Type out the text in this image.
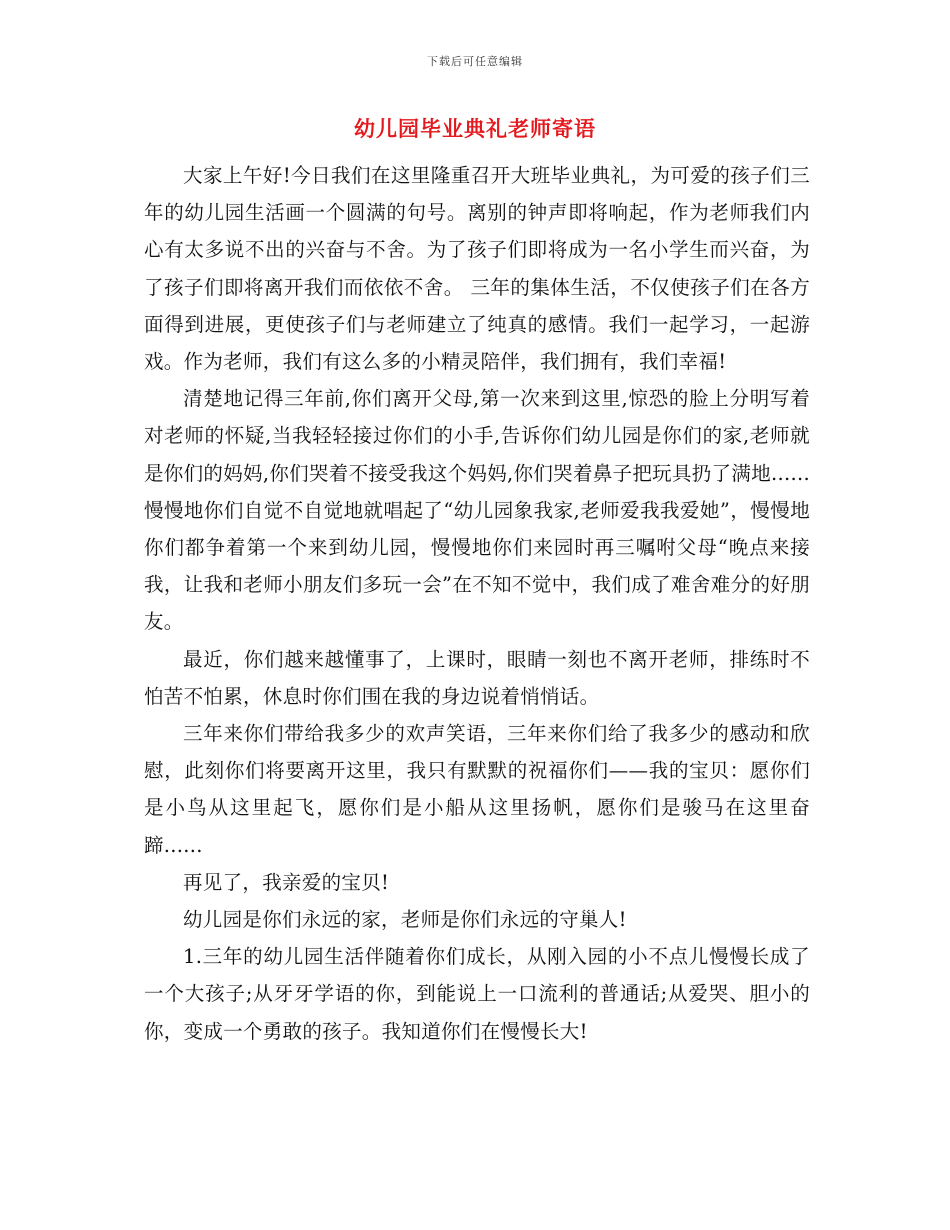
下载后可任意编辑
幼儿园毕业典礼老师寄语

大家上午好!今日我们在这里隆重召开大班毕业典礼，为可爱的孩子们三年的幼儿园生活画一个圆满的句号。离别的钟声即将响起，作为老师我们内心有太多说不出的兴奋与不舍。为了孩子们即将成为一名小学生而兴奋，为了孩子们即将离开我们而依依不舍。 三年的集体生活，不仅使孩子们在各方面得到进展，更使孩子们与老师建立了纯真的感情。我们一起学习，一起游戏。作为老师，我们有这么多的小精灵陪伴，我们拥有，我们幸福!

清楚地记得三年前,你们离开父母,第一次来到这里,惊恐的脸上分明写着对老师的怀疑,当我轻轻接过你们的小手,告诉你们幼儿园是你们的家,老师就是你们的妈妈,你们哭着不接受我这个妈妈,你们哭着鼻子把玩具扔了满地......慢慢地你们自觉不自觉地就唱起了“幼儿园象我家,老师爱我我爱她”，慢慢地你们都争着第一个来到幼儿园，慢慢地你们来园时再三嘱咐父母“晚点来接我，让我和老师小朋友们多玩一会”在不知不觉中，我们成了难舍难分的好朋友。

最近，你们越来越懂事了，上课时，眼睛一刻也不离开老师，排练时不怕苦不怕累，休息时你们围在我的身边说着悄悄话。

三年来你们带给我多少的欢声笑语，三年来你们给了我多少的感动和欣慰，此刻你们将要离开这里，我只有默默的祝福你们——我的宝贝：愿你们是小鸟从这里起飞，愿你们是小船从这里扬帆，愿你们是骏马在这里奋蹄......

再见了，我亲爱的宝贝!

幼儿园是你们永远的家，老师是你们永远的守巢人!

1.三年的幼儿园生活伴随着你们成长，从刚入园的小不点儿慢慢长成了一个大孩子;从牙牙学语的你，到能说上一口流利的普通话;从爱哭、胆小的你，变成一个勇敢的孩子。我知道你们在慢慢长大!
